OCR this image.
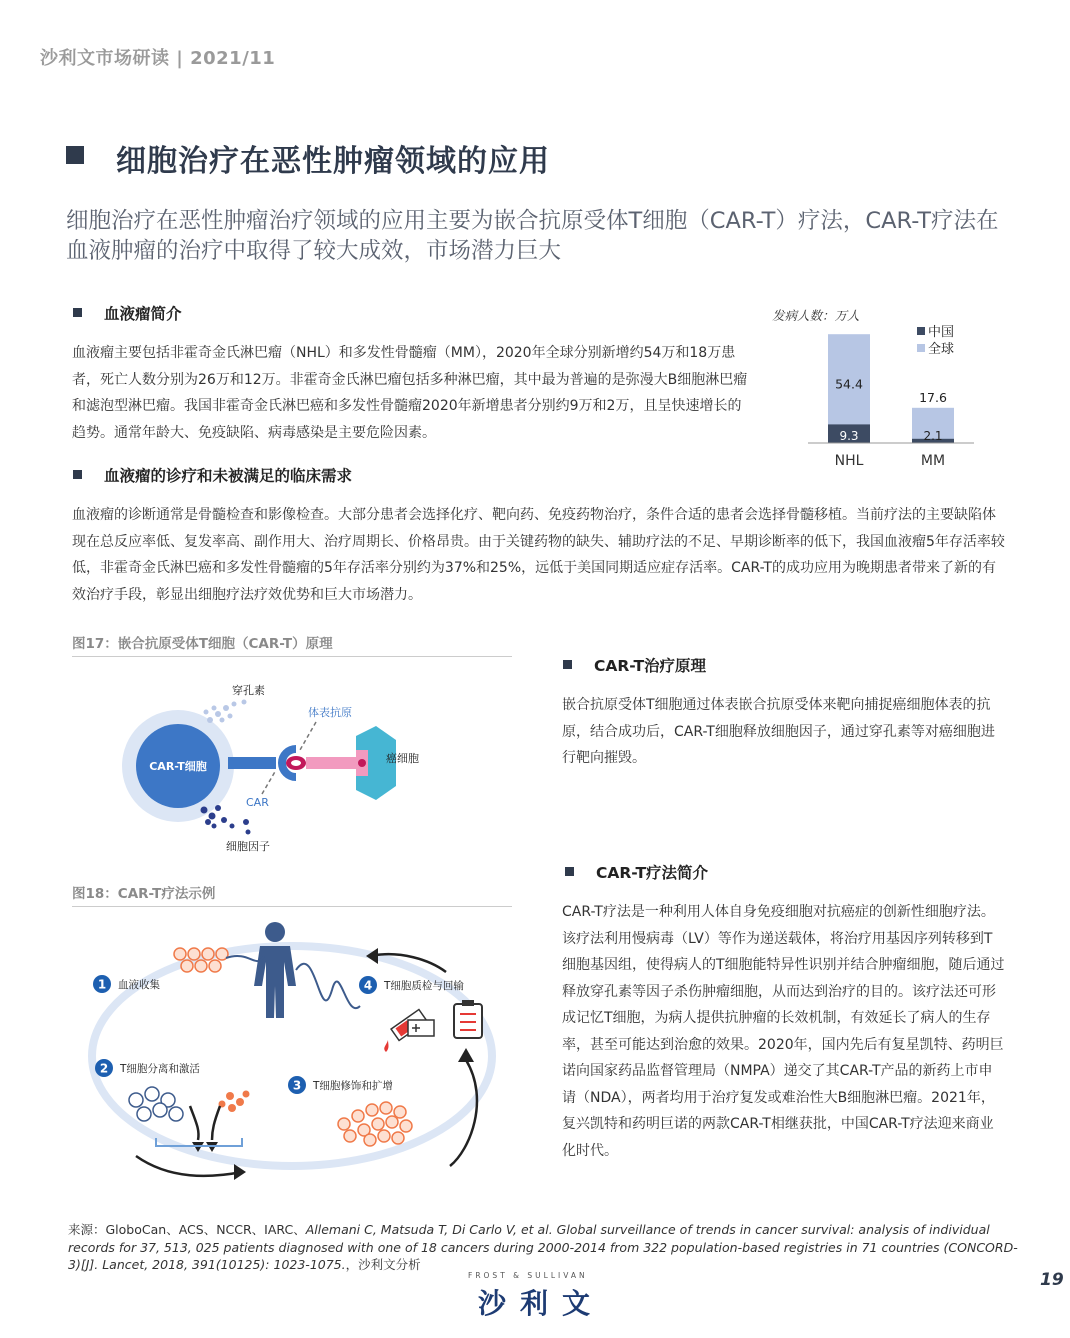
沙利文市场研读 | 2021/11
细胞治疗在恶性肿瘤领域的应用
细胞治疗在恶性肿瘤治疗领域的应用主要为嵌合抗原受体T细胞（CAR-T）疗法，CAR-T疗法在血液肿瘤的治疗中取得了较大成效，市场潜力巨大
血液瘤简介
血液瘤主要包括非霍奇金氏淋巴瘤（NHL）和多发性骨髓瘤（MM），2020年全球分别新增约54万和18万患者，死亡人数分别为26万和12万。非霍奇金氏淋巴瘤包括多种淋巴瘤，其中最为普遍的是弥漫大B细胞淋巴瘤和滤泡型淋巴瘤。我国非霍奇金氏淋巴癌和多发性骨髓瘤2020年新增患者分别约9万和2万，且呈快速增长的趋势。通常年龄大、免疫缺陷、病毒感染是主要危险因素。
发病人数：万人
中国
全球
54.4
9.3
NHL
17.6
2.1
MM
血液瘤的诊疗和未被满足的临床需求
血液瘤的诊断通常是骨髓检查和影像检查。大部分患者会选择化疗、靶向药、免疫药物治疗，条件合适的患者会选择骨髓移植。当前疗法的主要缺陷体现在总反应率低、复发率高、副作用大、治疗周期长、价格昂贵。由于关键药物的缺失、辅助疗法的不足、早期诊断率的低下，我国血液瘤5年存活率较低，非霍奇金氏淋巴癌和多发性骨髓瘤的5年存活率分别约为37%和25%，远低于美国同期适应症存活率。CAR-T的成功应用为晚期患者带来了新的有效治疗手段，彰显出细胞疗法疗效优势和巨大市场潜力。
图17：嵌合抗原受体T细胞（CAR-T）原理
CAR-T细胞
癌细胞
穿孔素
体表抗原
CAR
细胞因子
CAR-T治疗原理
嵌合抗原受体T细胞通过体表嵌合抗原受体来靶向捕捉癌细胞体表的抗原，结合成功后，CAR-T细胞释放细胞因子，通过穿孔素等对癌细胞进行靶向摧毁。
图18：CAR-T疗法示例
1 血液收集
2 T细胞分离和激活
3 T细胞修饰和扩增
4 T细胞质检与回输
CAR-T疗法简介
CAR-T疗法是一种利用人体自身免疫细胞对抗癌症的创新性细胞疗法。该疗法利用慢病毒（LV）等作为递送载体，将治疗用基因序列转移到T细胞基因组，使得病人的T细胞能特异性识别并结合肿瘤细胞，随后通过释放穿孔素等因子杀伤肿瘤细胞，从而达到治疗的目的。该疗法还可形成记忆T细胞，为病人提供抗肿瘤的长效机制，有效延长了病人的生存率，甚至可能达到治愈的效果。2020年，国内先后有复星凯特、药明巨诺向国家药品监督管理局（NMPA）递交了其CAR-T产品的新药上市申请（NDA），两者均用于治疗复发或难治性大B细胞淋巴瘤。2021年，复兴凯特和药明巨诺的两款CAR-T相继获批，中国CAR-T疗法迎来商业化时代。
来源：GloboCan、ACS、NCCR、IARC、Allemani C, Matsuda T, Di Carlo V, et al. Global surveillance of trends in cancer survival: analysis of individual records for 37, 513, 025 patients diagnosed with one of 18 cancers during 2000-2014 from 322 population-based registries in 71 countries (CONCORD-3)[J]. Lancet, 2018, 391(10125): 1023-1075.，沙利文分析
FROST & SULLIVAN
沙利文
19
